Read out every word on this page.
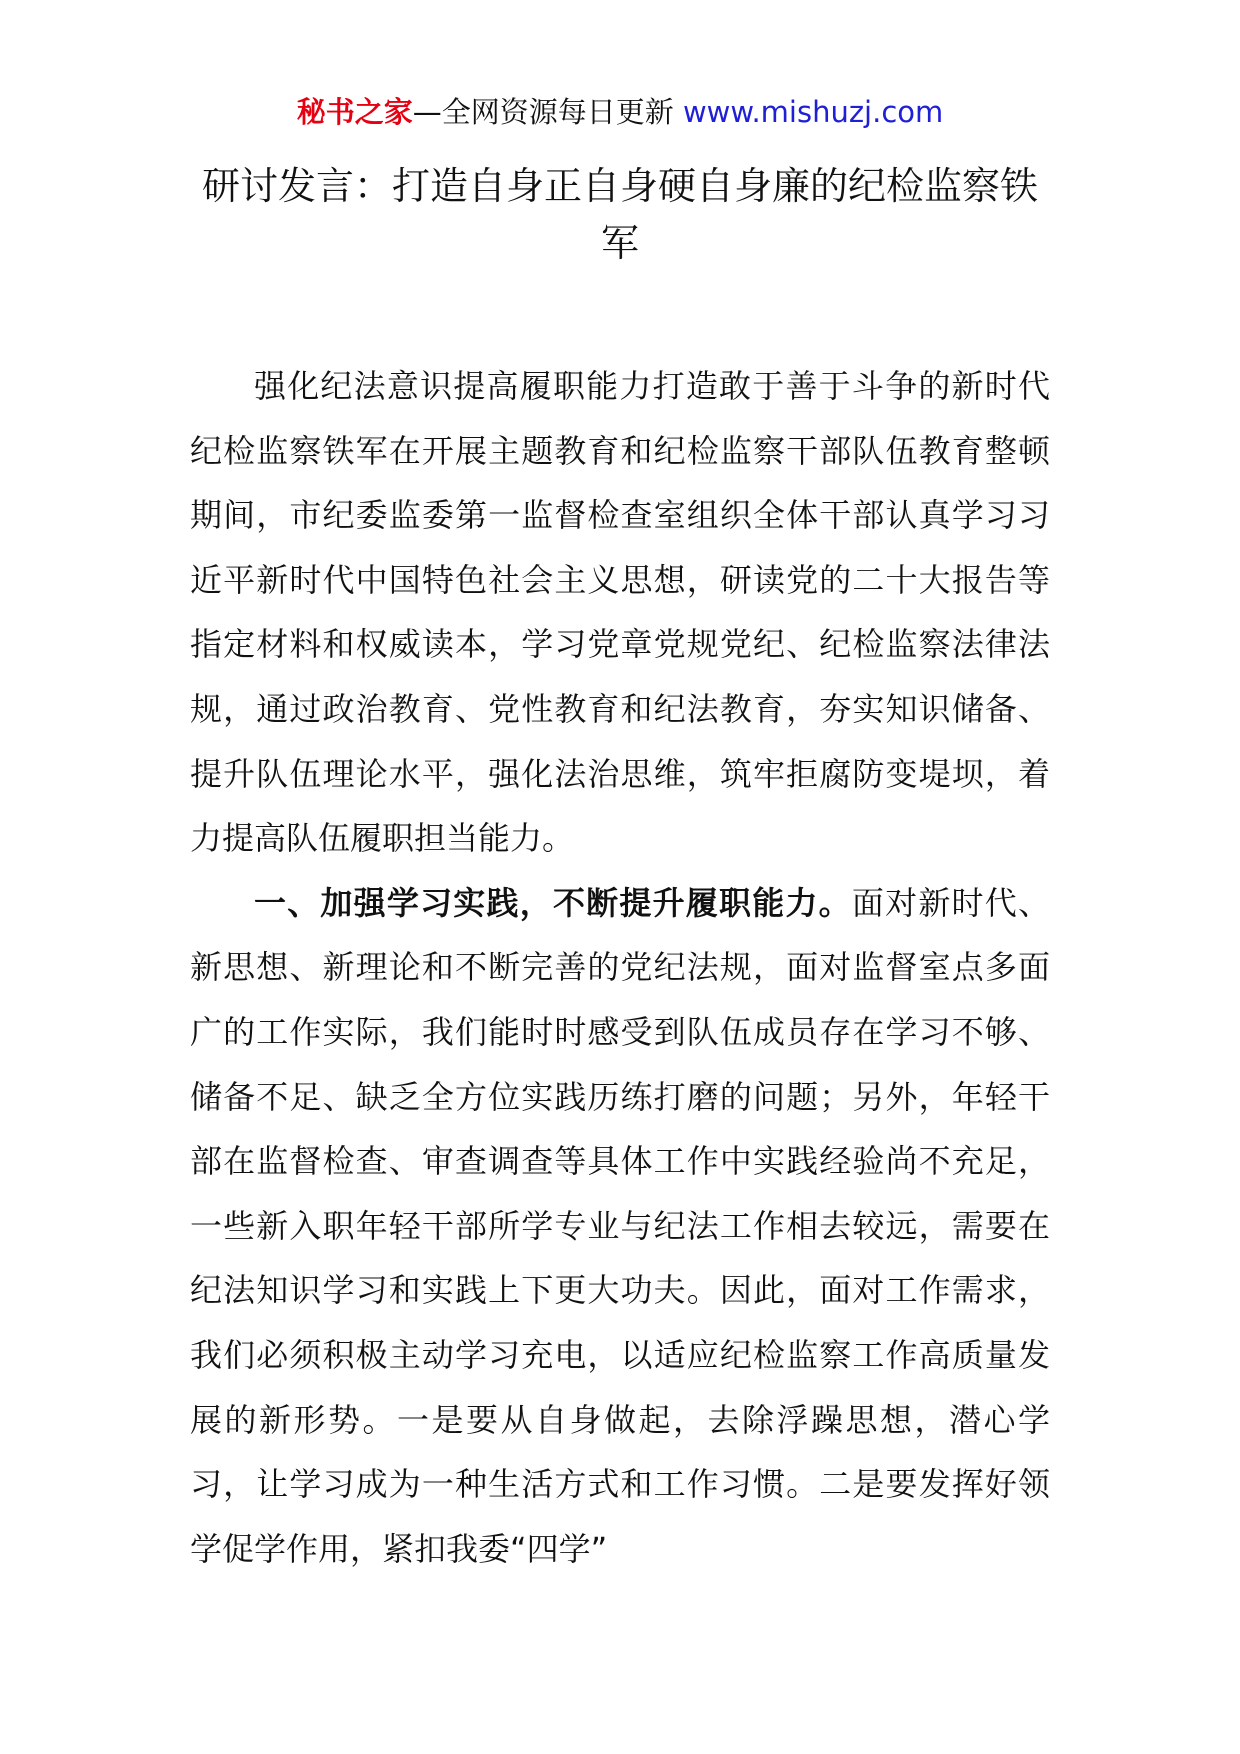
秘书之家—全网资源每日更新 www.mishuzj.com
研讨发言：打造自身正自身硬自身廉的纪检监察铁军

强化纪法意识提高履职能力打造敢于善于斗争的新时代纪检监察铁军在开展主题教育和纪检监察干部队伍教育整顿期间，市纪委监委第一监督检查室组织全体干部认真学习习近平新时代中国特色社会主义思想，研读党的二十大报告等指定材料和权威读本，学习党章党规党纪、纪检监察法律法规，通过政治教育、党性教育和纪法教育，夯实知识储备、提升队伍理论水平，强化法治思维，筑牢拒腐防变堤坝，着力提高队伍履职担当能力。

一、加强学习实践，不断提升履职能力。面对新时代、新思想、新理论和不断完善的党纪法规，面对监督室点多面广的工作实际，我们能时时感受到队伍成员存在学习不够、储备不足、缺乏全方位实践历练打磨的问题；另外，年轻干部在监督检查、审查调查等具体工作中实践经验尚不充足，一些新入职年轻干部所学专业与纪法工作相去较远，需要在纪法知识学习和实践上下更大功夫。因此，面对工作需求，我们必须积极主动学习充电，以适应纪检监察工作高质量发展的新形势。一是要从自身做起，去除浮躁思想，潜心学习，让学习成为一种生活方式和工作习惯。二是要发挥好领学促学作用，紧扣我委“四学”
